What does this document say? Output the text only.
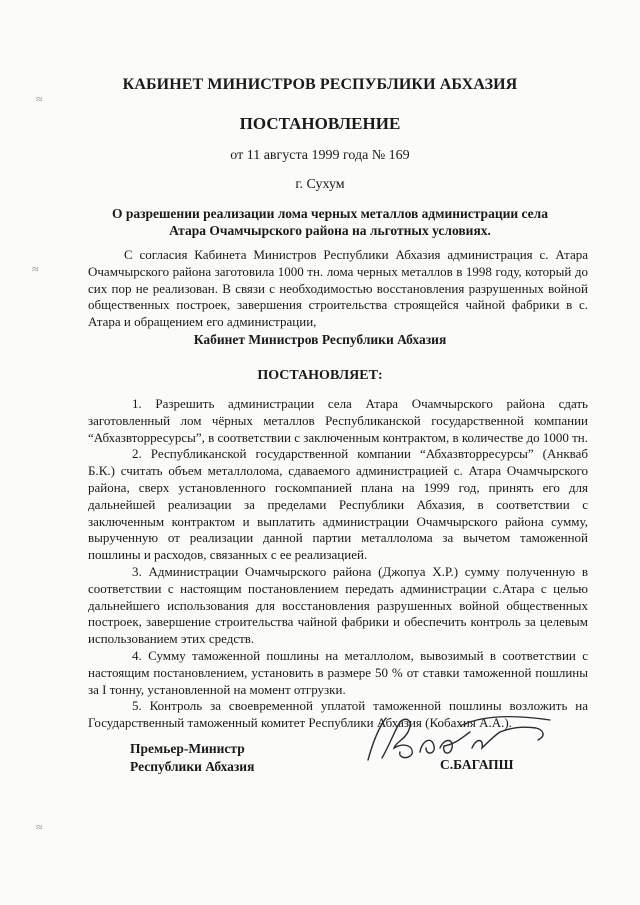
КАБИНЕТ МИНИСТРОВ РЕСПУБЛИКИ АБХАЗИЯ
ПОСТАНОВЛЕНИЕ
от 11 августа 1999 года № 169
г. Сухум
О разрешении реализации лома черных металлов администрации села Атара Очамчырского района на льготных условиях.
С согласия Кабинета Министров Республики Абхазия администрация с. Атара Очамчырского района заготовила 1000 тн. лома черных металлов в 1998 году, который до сих пор не реализован. В связи с необходимостью восстановления разрушенных войной общественных построек, завершения строительства строящейся чайной фабрики в с. Атара и обращением его администрации,
Кабинет Министров Республики Абхазия
ПОСТАНОВЛЯЕТ:
1. Разрешить администрации села Атара Очамчырского района сдать заготовленный лом чёрных металлов Республиканской государственной компании “Абхазвторресурсы”, в соответствии с заключенным контрактом, в количестве до 1000 тн.
2. Республиканской государственной компании “Абхазвторресурсы” (Анкваб Б.К.) считать объем металлолома, сдаваемого администрацией с. Атара Очамчырского района, сверх установленного госкомпанией плана на 1999 год, принять его для дальнейшей реализации за пределами Республики Абхазия, в соответствии с заключенным контрактом и выплатить администрации Очамчырского района сумму, вырученную от реализации данной партии металлолома за вычетом таможенной пошлины и расходов, связанных с ее реализацией.
3. Администрации Очамчырского района (Джопуа Х.Р.) сумму полученную в соответствии с настоящим постановлением передать администрации с.Атара с целью дальнейшего использования для восстановления разрушенных войной общественных построек, завершение строительства чайной фабрики и обеспечить контроль за целевым использованием этих средств.
4. Сумму таможенной пошлины на металлолом, вывозимый в соответствии с настоящим постановлением, установить в размере 50 % от ставки таможенной пошлины за I тонну, установленной на момент отгрузки.
5. Контроль за своевременной уплатой таможенной пошлины возложить на Государственный таможенный комитет Республики Абхазия (Кобахия А.А.).
Премьер-Министр
Республики Абхазия	С.БАГАПШ
≈
≈
≈
